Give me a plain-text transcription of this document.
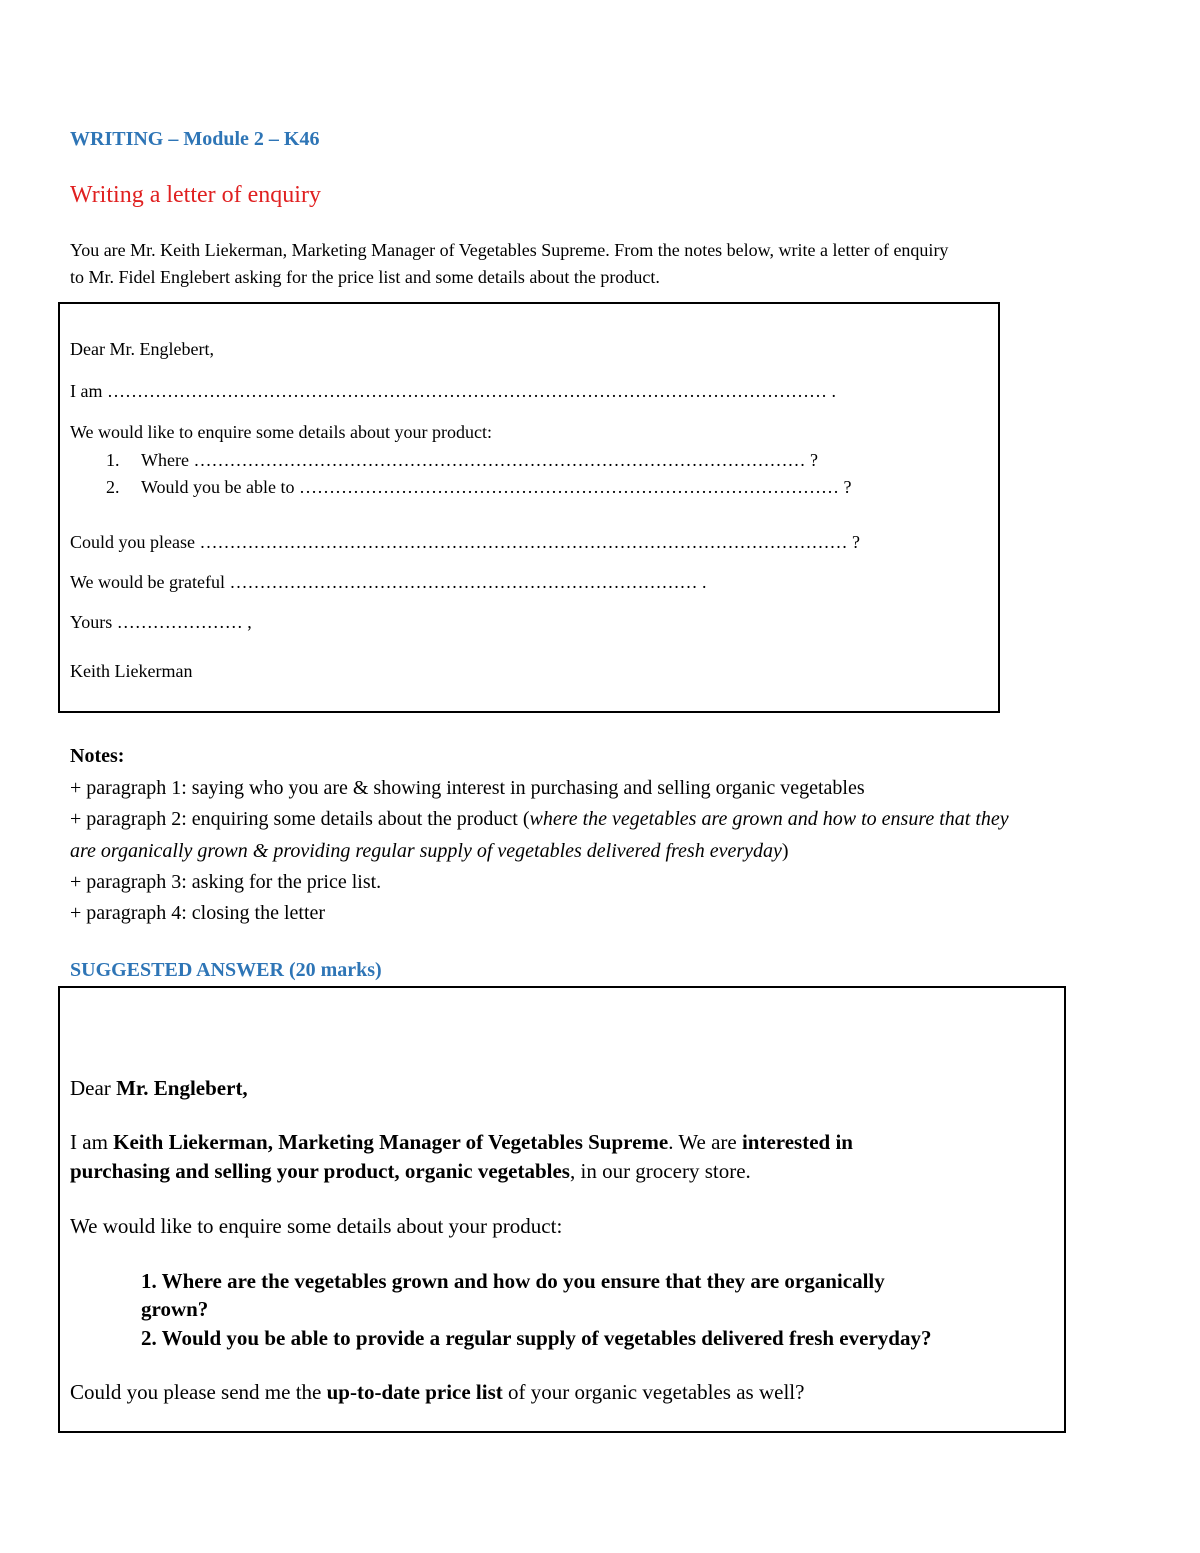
WRITING – Module 2 – K46
Writing a letter of enquiry
You are Mr. Keith Liekerman, Marketing Manager of Vegetables Supreme. From the notes below, write a letter of enquiry
to Mr. Fidel Englebert asking for the price list and some details about the product.
Dear Mr. Englebert,
I am ………………………………………………………………………………………………………… .
We would like to enquire some details about your product:
1. Where ………………………………………………………………………………………… ?
2. Would you be able to ……………………………………………………………………………… ?
Could you please ……………………………………………………………………………………………… ?
We would be grateful …………………………………………………………………… .
Yours ………………… ,
Keith Liekerman
Notes:
+ paragraph 1: saying who you are & showing interest in purchasing and selling organic vegetables
+ paragraph 2: enquiring some details about the product (where the vegetables are grown and how to ensure that they
are organically grown & providing regular supply of vegetables delivered fresh everyday)
+ paragraph 3: asking for the price list.
+ paragraph 4: closing the letter
SUGGESTED ANSWER (20 marks)
Dear Mr. Englebert,
I am Keith Liekerman, Marketing Manager of Vegetables Supreme. We are interested in
purchasing and selling your product, organic vegetables, in our grocery store.
We would like to enquire some details about your product:
1. Where are the vegetables grown and how do you ensure that they are organically
grown?
2. Would you be able to provide a regular supply of vegetables delivered fresh everyday?
Could you please send me the up-to-date price list of your organic vegetables as well?
